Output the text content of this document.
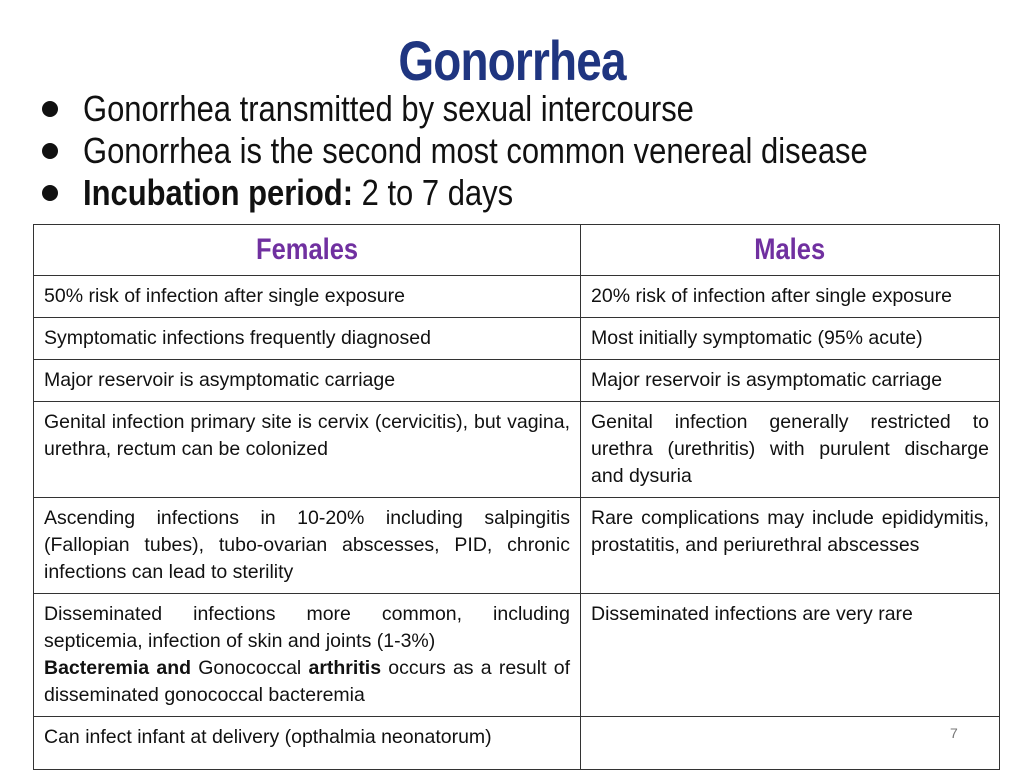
Gonorrhea
Gonorrhea transmitted by sexual intercourse
Gonorrhea is the second most common venereal disease
Incubation period: 2 to 7 days
Females	Males
50% risk of infection after single exposure	20% risk of infection after single exposure
Symptomatic infections frequently diagnosed	Most initially symptomatic (95% acute)
Major reservoir is asymptomatic carriage	Major reservoir is asymptomatic carriage
Genital infection primary site is cervix (cervicitis), but vagina, urethra, rectum can be colonized	Genital infection generally restricted to urethra (urethritis) with purulent discharge and dysuria
Ascending infections in 10-20% including salpingitis (Fallopian tubes), tubo-ovarian abscesses, PID, chronic infections can lead to sterility	Rare complications may include epididymitis, prostatitis, and periurethral abscesses

Disseminated infections more common, including septicemia, infection of skin and joints (1-3%)
Bacteremia and Gonococcal arthritis occurs as a result of disseminated gonococcal bacteremia	Disseminated infections are very rare
Can infect infant at delivery (opthalmia neonatorum)		7
